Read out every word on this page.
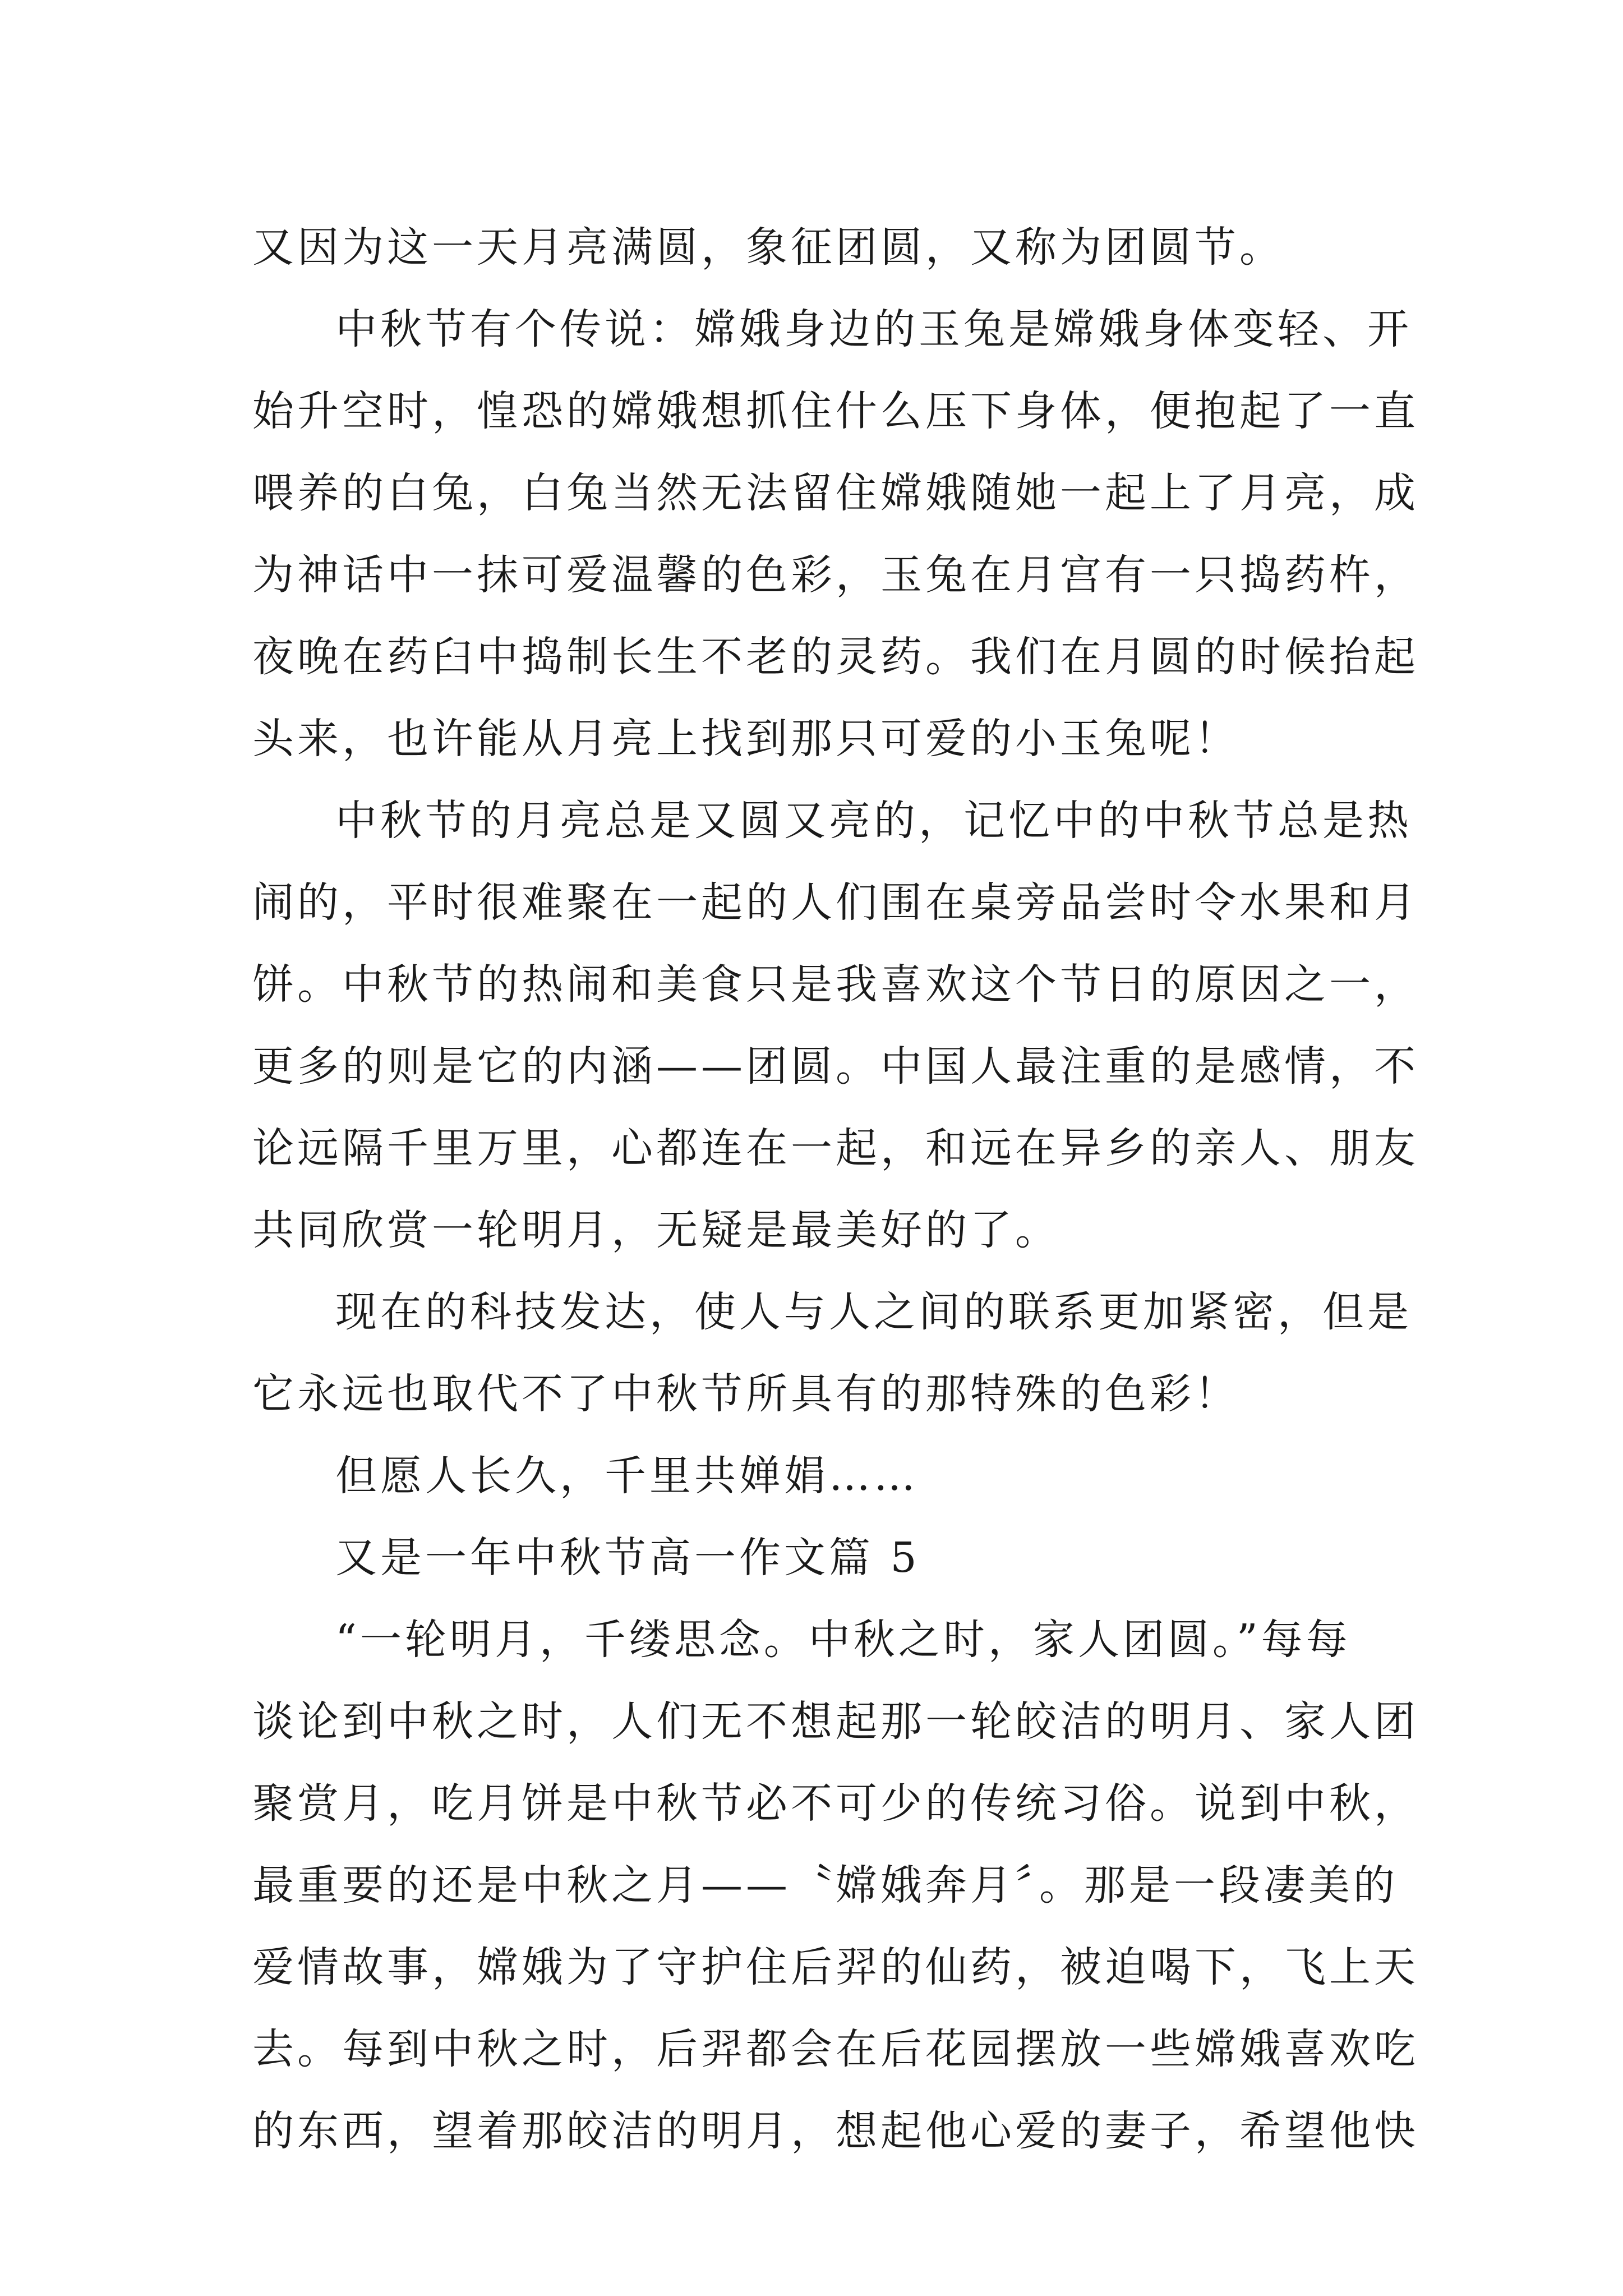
又因为这一天月亮满圆，象征团圆，又称为团圆节。
中秋节有个传说：嫦娥身边的玉兔是嫦娥身体变轻、开
始升空时，惶恐的嫦娥想抓住什么压下身体，便抱起了一直
喂养的白兔，白兔当然无法留住嫦娥随她一起上了月亮，成
为神话中一抹可爱温馨的色彩，玉兔在月宫有一只捣药杵，
夜晚在药臼中捣制长生不老的灵药。我们在月圆的时候抬起
头来，也许能从月亮上找到那只可爱的小玉兔呢！
中秋节的月亮总是又圆又亮的，记忆中的中秋节总是热
闹的，平时很难聚在一起的人们围在桌旁品尝时令水果和月
饼。中秋节的热闹和美食只是我喜欢这个节日的原因之一，
更多的则是它的内涵——团圆。中国人最注重的是感情，不
论远隔千里万里，心都连在一起，和远在异乡的亲人、朋友
共同欣赏一轮明月，无疑是最美好的了。
现在的科技发达，使人与人之间的联系更加紧密，但是
它永远也取代不了中秋节所具有的那特殊的色彩！
但愿人长久，千里共婵娟……
又是一年中秋节高一作文篇 5
“一轮明月，千缕思念。中秋之时，家人团圆。”每每
谈论到中秋之时，人们无不想起那一轮皎洁的明月、家人团
聚赏月，吃月饼是中秋节必不可少的传统习俗。说到中秋，
最重要的还是中秋之月——〝嫦娥奔月〞。那是一段凄美的
爱情故事，嫦娥为了守护住后羿的仙药，被迫喝下，飞上天
去。每到中秋之时，后羿都会在后花园摆放一些嫦娥喜欢吃
的东西，望着那皎洁的明月，想起他心爱的妻子，希望他快
